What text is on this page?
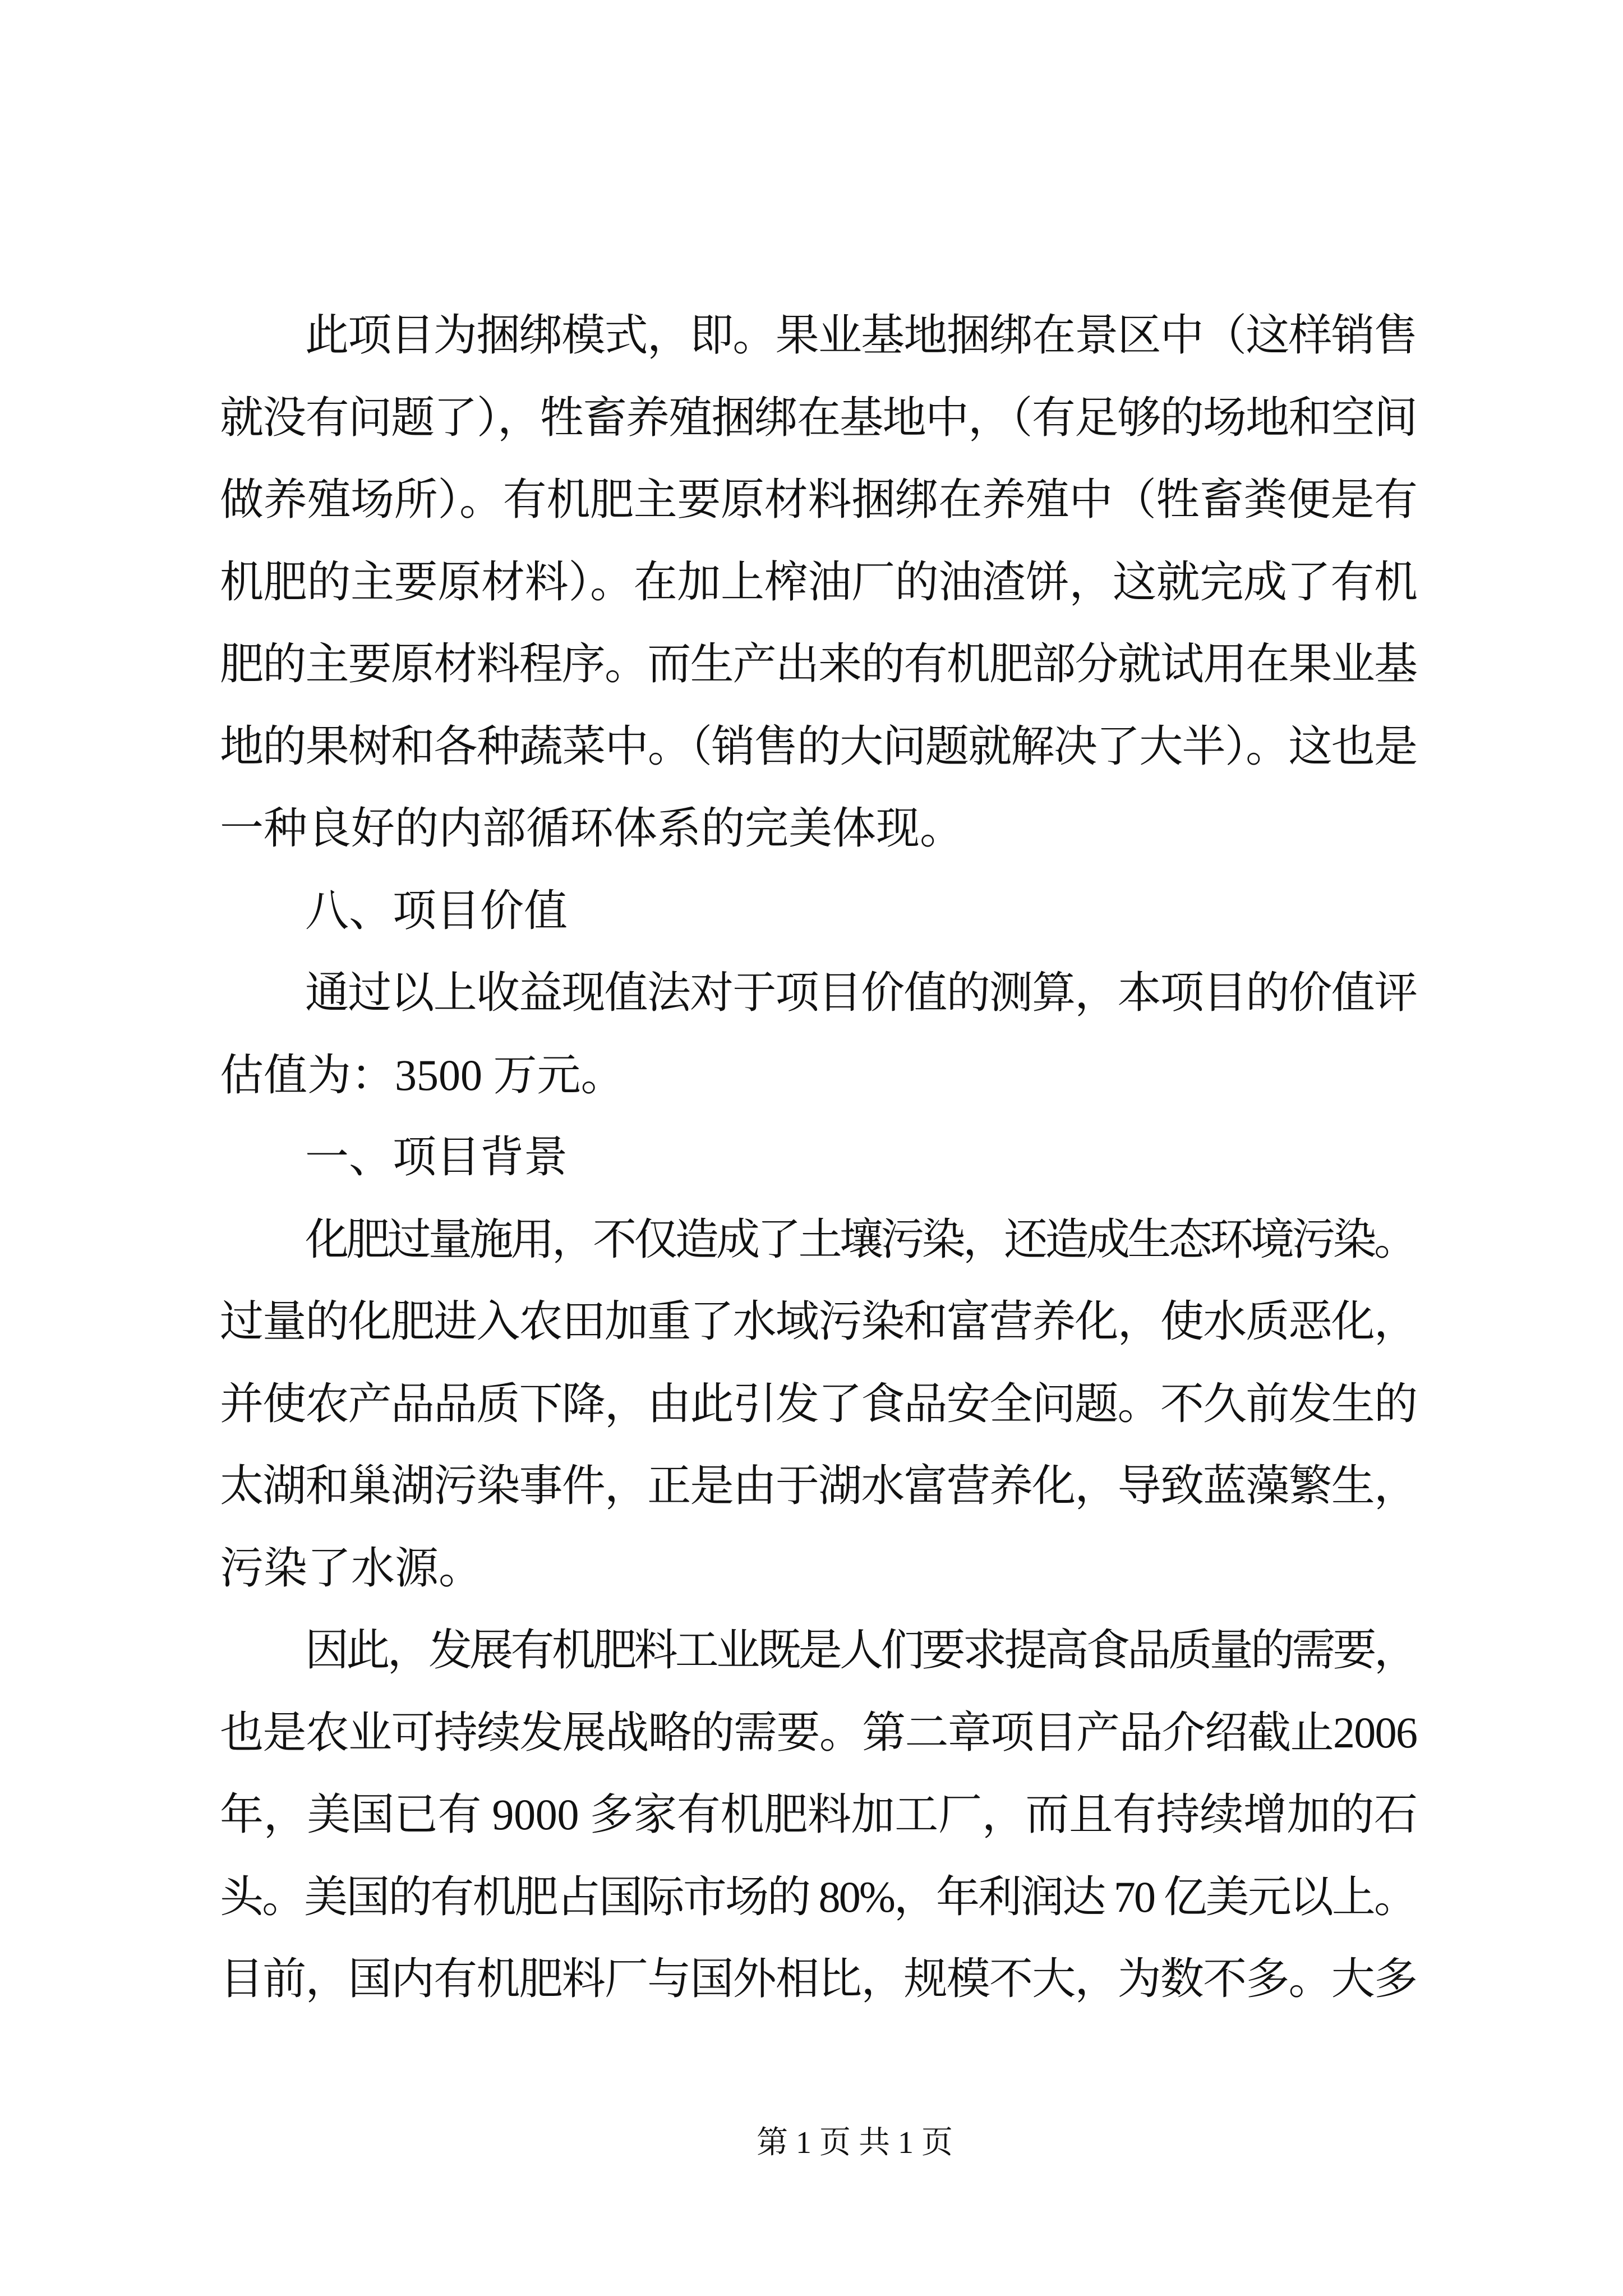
此项目为捆绑模式，即。果业基地捆绑在景区中（这样销售
就没有问题了），牲畜养殖捆绑在基地中，（有足够的场地和空间
做养殖场所）。有机肥主要原材料捆绑在养殖中（牲畜粪便是有
机肥的主要原材料）。在加上榨油厂的油渣饼，这就完成了有机
肥的主要原材料程序。而生产出来的有机肥部分就试用在果业基
地的果树和各种蔬菜中。（销售的大问题就解决了大半）。这也是
一种良好的内部循环体系的完美体现。
八、项目价值
通过以上收益现值法对于项目价值的测算，本项目的价值评
估值为：3500 万元。
一、项目背景
化肥过量施用，不仅造成了土壤污染，还造成生态环境污染。
过量的化肥进入农田加重了水域污染和富营养化，使水质恶化，
并使农产品品质下降，由此引发了食品安全问题。不久前发生的
太湖和巢湖污染事件，正是由于湖水富营养化，导致蓝藻繁生，
污染了水源。
因此，发展有机肥料工业既是人们要求提高食品质量的需要，
也是农业可持续发展战略的需要。第二章项目产品介绍截止2006
年，美国已有 9000 多家有机肥料加工厂，而且有持续增加的石
头。美国的有机肥占国际市场的 80%，年利润达 70 亿美元以上。
目前，国内有机肥料厂与国外相比，规模不大，为数不多。大多
第 1 页 共 1 页
